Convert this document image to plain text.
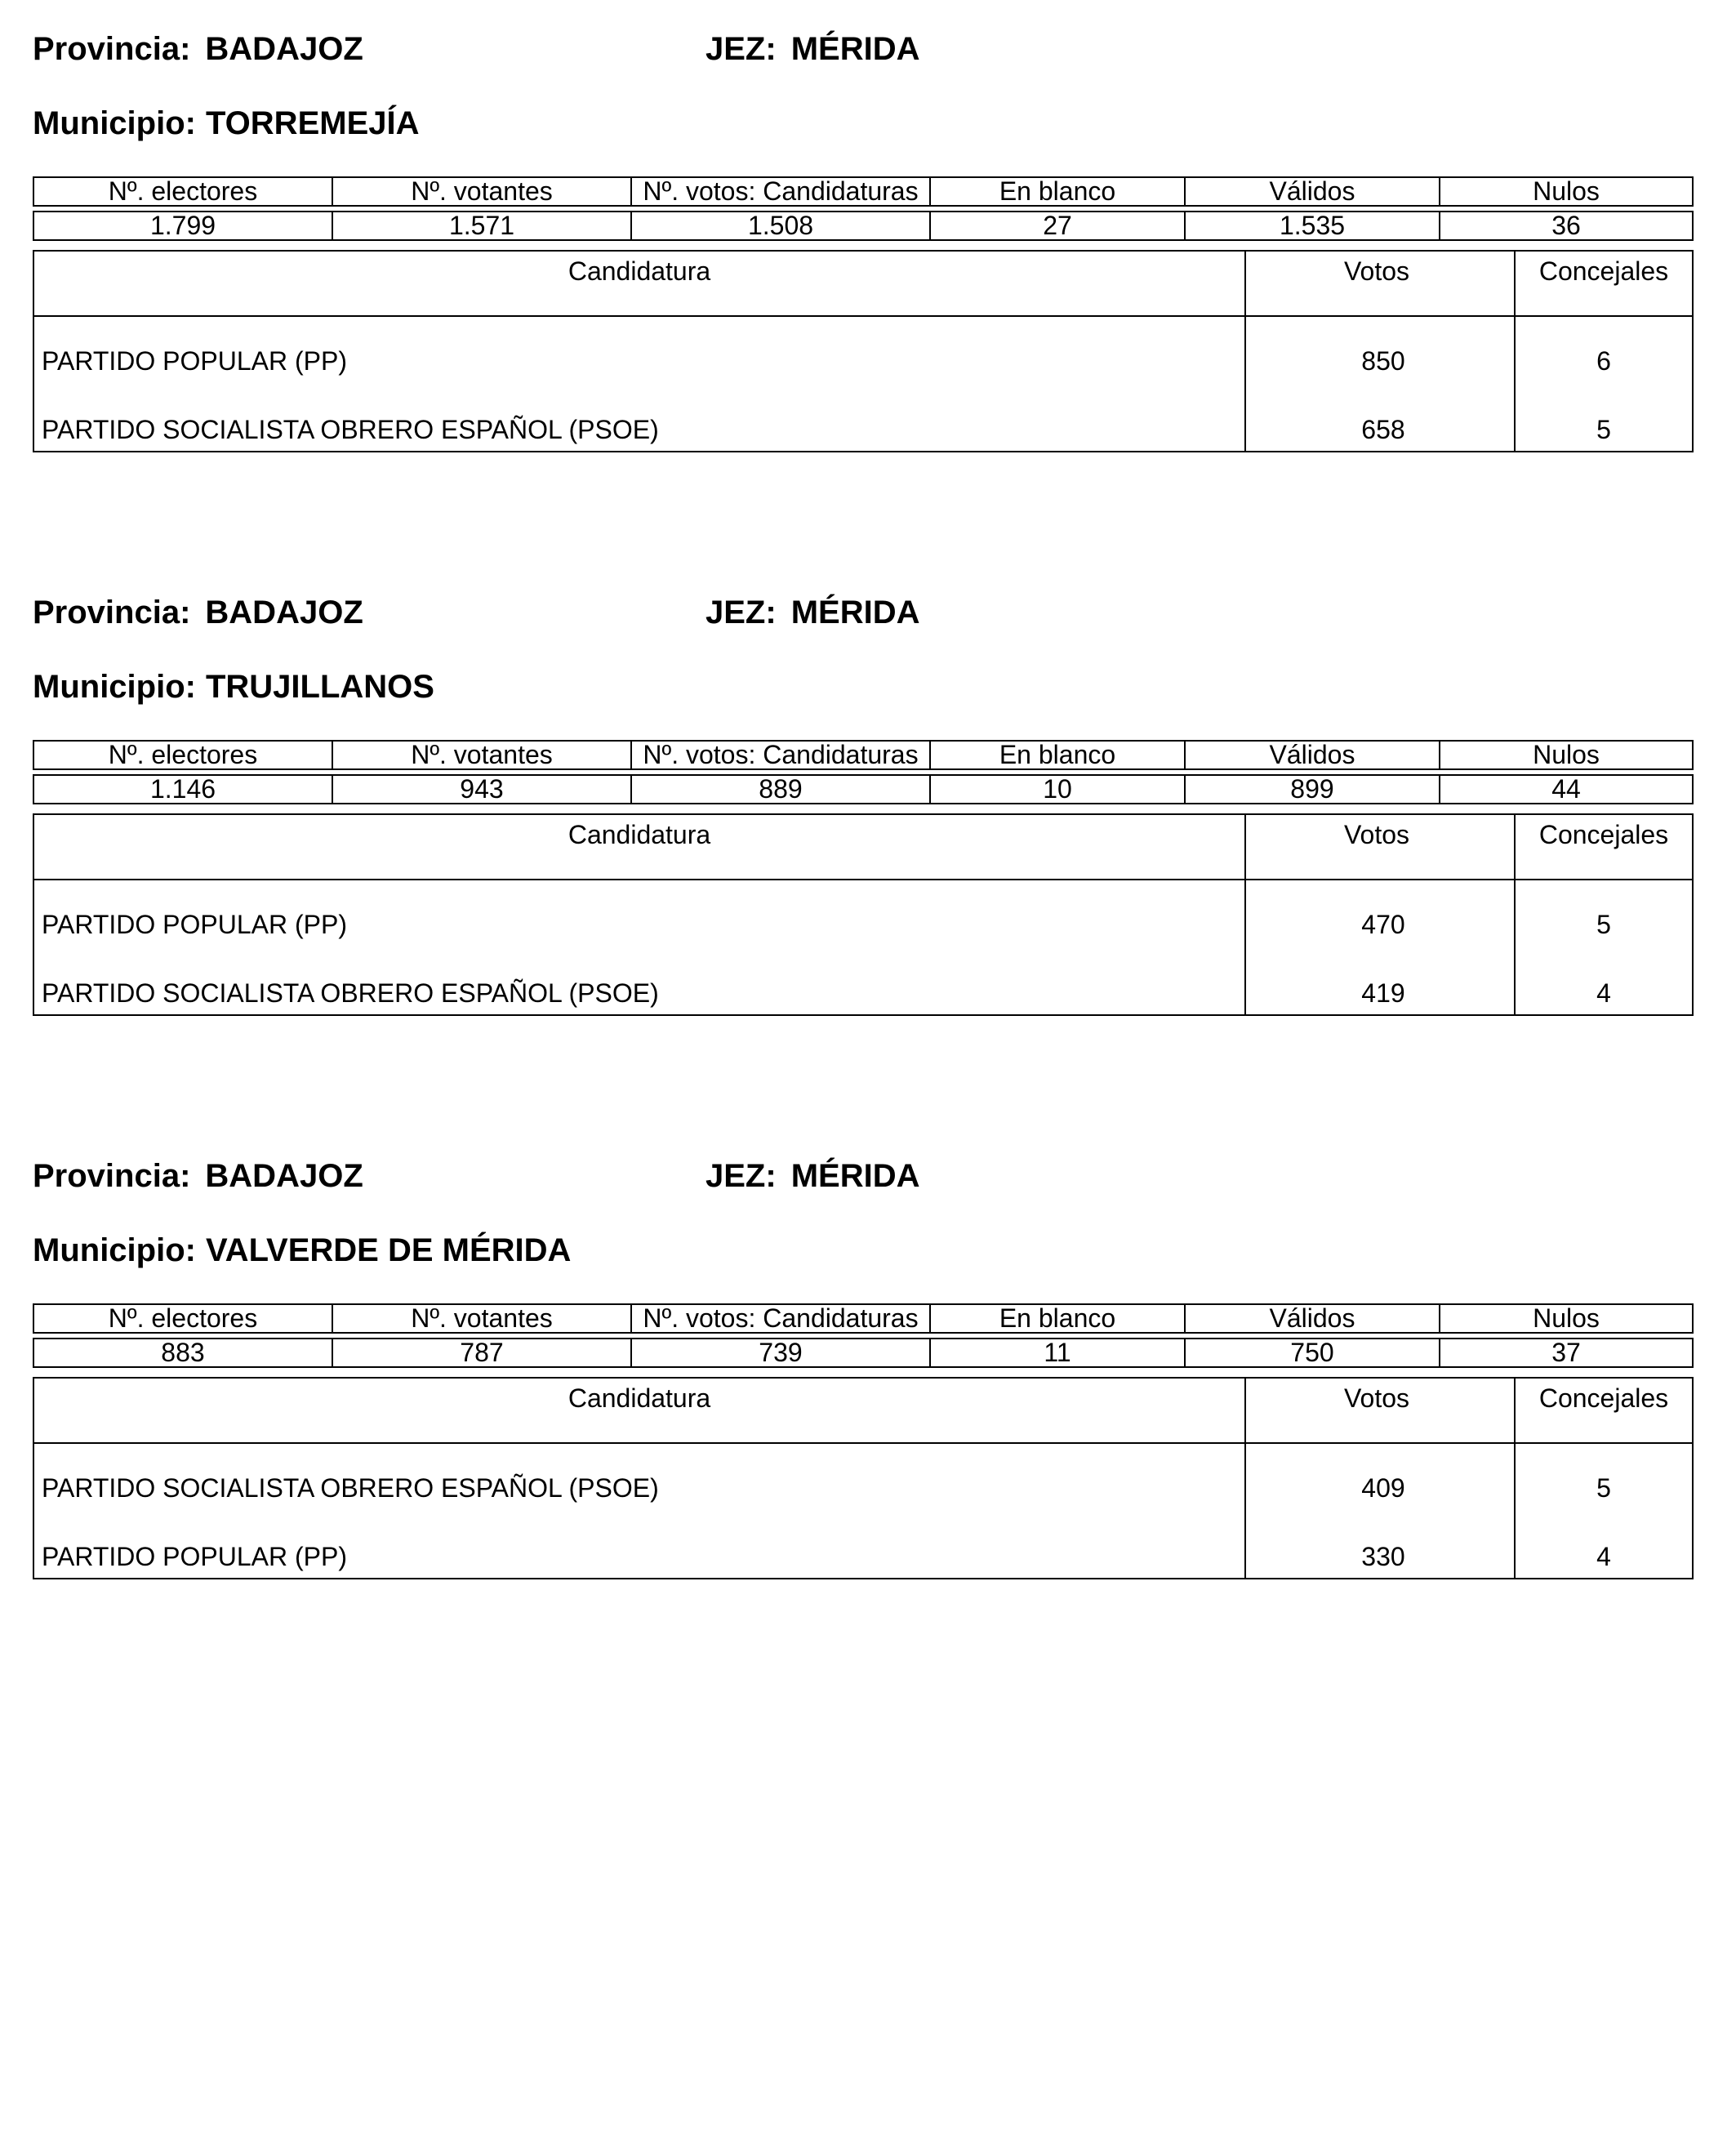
Provincia: BADAJOZ	JEZ: MÉRIDA
Municipio: TORREMEJÍA
Nº. electores	Nº. votantes	Nº. votos: Candidaturas	En blanco	Válidos	Nulos
1.799	1.571	1.508	27	1.535	36
Candidatura	Votos	Concejales
PARTIDO POPULAR (PP)	850	6
PARTIDO SOCIALISTA OBRERO ESPAÑOL (PSOE)	658	5
Provincia: BADAJOZ	JEZ: MÉRIDA
Municipio: TRUJILLANOS
Nº. electores	Nº. votantes	Nº. votos: Candidaturas	En blanco	Válidos	Nulos
1.146	943	889	10	899	44
Candidatura	Votos	Concejales
PARTIDO POPULAR (PP)	470	5
PARTIDO SOCIALISTA OBRERO ESPAÑOL (PSOE)	419	4
Provincia: BADAJOZ	JEZ: MÉRIDA
Municipio: VALVERDE DE MÉRIDA
Nº. electores	Nº. votantes	Nº. votos: Candidaturas	En blanco	Válidos	Nulos
883	787	739	11	750	37
Candidatura	Votos	Concejales
PARTIDO SOCIALISTA OBRERO ESPAÑOL (PSOE)	409	5
PARTIDO POPULAR (PP)	330	4
